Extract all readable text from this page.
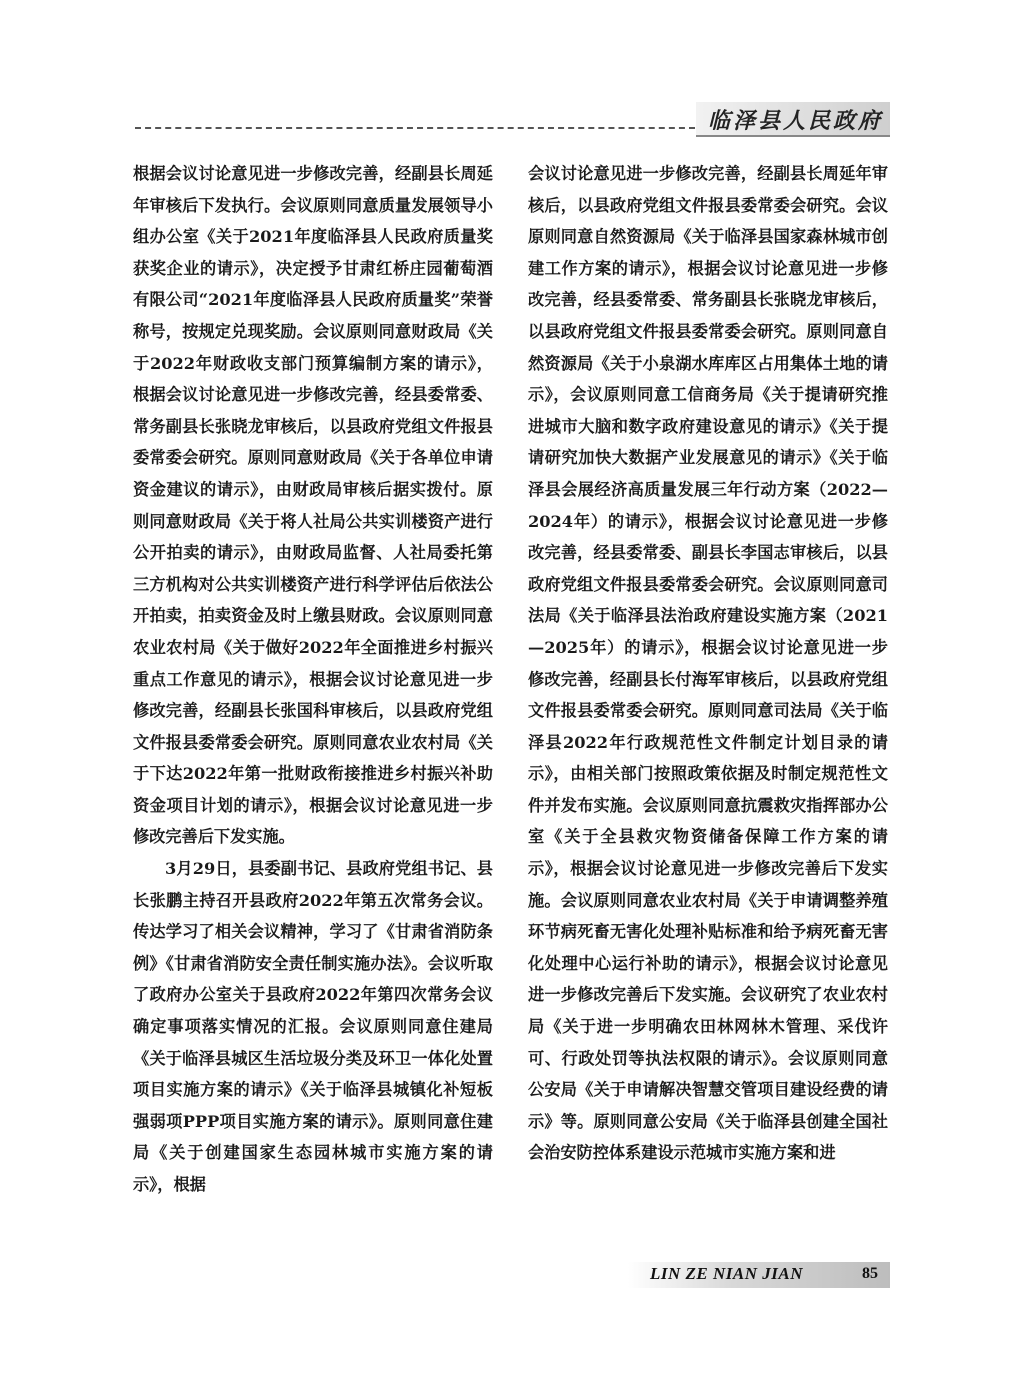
临泽县人民政府

根据会议讨论意见进一步修改完善，经副县长周延年审核后下发执行。会议原则同意质量发展领导小组办公室《关于2021年度临泽县人民政府质量奖获奖企业的请示》，决定授予甘肃红桥庄园葡萄酒有限公司“2021年度临泽县人民政府质量奖”荣誉称号，按规定兑现奖励。会议原则同意财政局《关于2022年财政收支部门预算编制方案的请示》，根据会议讨论意见进一步修改完善，经县委常委、常务副县长张晓龙审核后，以县政府党组文件报县委常委会研究。原则同意财政局《关于各单位申请资金建议的请示》，由财政局审核后据实拨付。原则同意财政局《关于将人社局公共实训楼资产进行公开拍卖的请示》，由财政局监督、人社局委托第三方机构对公共实训楼资产进行科学评估后依法公开拍卖，拍卖资金及时上缴县财政。会议原则同意农业农村局《关于做好2022年全面推进乡村振兴重点工作意见的请示》，根据会议讨论意见进一步修改完善，经副县长张国科审核后，以县政府党组文件报县委常委会研究。原则同意农业农村局《关于下达2022年第一批财政衔接推进乡村振兴补助资金项目计划的请示》，根据会议讨论意见进一步修改完善后下发实施。

3月29日，县委副书记、县政府党组书记、县长张鹏主持召开县政府2022年第五次常务会议。传达学习了相关会议精神，学习了《甘肃省消防条例》《甘肃省消防安全责任制实施办法》。会议听取了政府办公室关于县政府2022年第四次常务会议确定事项落实情况的汇报。会议原则同意住建局《关于临泽县城区生活垃圾分类及环卫一体化处置项目实施方案的请示》《关于临泽县城镇化补短板强弱项PPP项目实施方案的请示》。原则同意住建局《关于创建国家生态园林城市实施方案的请示》，根据

会议讨论意见进一步修改完善，经副县长周延年审核后，以县政府党组文件报县委常委会研究。会议原则同意自然资源局《关于临泽县国家森林城市创建工作方案的请示》，根据会议讨论意见进一步修改完善，经县委常委、常务副县长张晓龙审核后，以县政府党组文件报县委常委会研究。原则同意自然资源局《关于小泉湖水库库区占用集体土地的请示》，会议原则同意工信商务局《关于提请研究推进城市大脑和数字政府建设意见的请示》《关于提请研究加快大数据产业发展意见的请示》《关于临泽县会展经济高质量发展三年行动方案（2022—2024年）的请示》，根据会议讨论意见进一步修改完善，经县委常委、副县长李国志审核后，以县政府党组文件报县委常委会研究。会议原则同意司法局《关于临泽县法治政府建设实施方案（2021—2025年）的请示》，根据会议讨论意见进一步修改完善，经副县长付海军审核后，以县政府党组文件报县委常委会研究。原则同意司法局《关于临泽县2022年行政规范性文件制定计划目录的请示》，由相关部门按照政策依据及时制定规范性文件并发布实施。会议原则同意抗震救灾指挥部办公室《关于全县救灾物资储备保障工作方案的请示》，根据会议讨论意见进一步修改完善后下发实施。会议原则同意农业农村局《关于申请调整养殖环节病死畜无害化处理补贴标准和给予病死畜无害化处理中心运行补助的请示》，根据会议讨论意见进一步修改完善后下发实施。会议研究了农业农村局《关于进一步明确农田林网林木管理、采伐许可、行政处罚等执法权限的请示》。会议原则同意公安局《关于申请解决智慧交管项目建设经费的请示》等。原则同意公安局《关于临泽县创建全国社会治安防控体系建设示范城市实施方案和进

LIN ZE NIAN JIAN	85
